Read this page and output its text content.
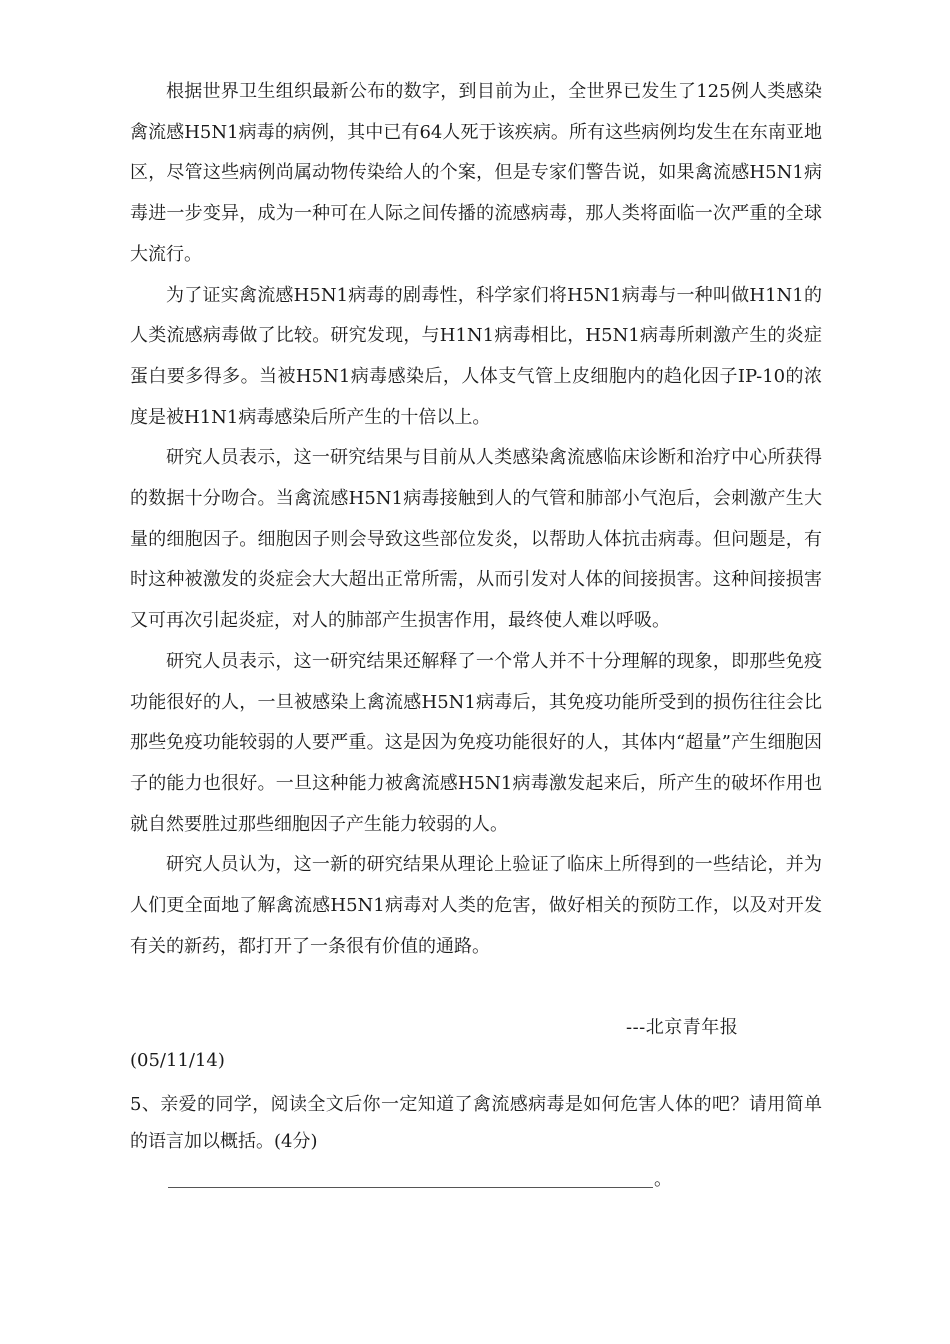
根据世界卫生组织最新公布的数字，到目前为止，全世界已发生了125例人类感染禽流感H5N1病毒的病例，其中已有64人死于该疾病。所有这些病例均发生在东南亚地区，尽管这些病例尚属动物传染给人的个案，但是专家们警告说，如果禽流感H5N1病毒进一步变异，成为一种可在人际之间传播的流感病毒，那人类将面临一次严重的全球大流行。

为了证实禽流感H5N1病毒的剧毒性，科学家们将H5N1病毒与一种叫做H1N1的人类流感病毒做了比较。研究发现，与H1N1病毒相比，H5N1病毒所刺激产生的炎症蛋白要多得多。当被H5N1病毒感染后，人体支气管上皮细胞内的趋化因子IP-10的浓度是被H1N1病毒感染后所产生的十倍以上。

研究人员表示，这一研究结果与目前从人类感染禽流感临床诊断和治疗中心所获得的数据十分吻合。当禽流感H5N1病毒接触到人的气管和肺部小气泡后，会刺激产生大量的细胞因子。细胞因子则会导致这些部位发炎，以帮助人体抗击病毒。但问题是，有时这种被激发的炎症会大大超出正常所需，从而引发对人体的间接损害。这种间接损害又可再次引起炎症，对人的肺部产生损害作用，最终使人难以呼吸。

研究人员表示，这一研究结果还解释了一个常人并不十分理解的现象，即那些免疫功能很好的人，一旦被感染上禽流感H5N1病毒后，其免疫功能所受到的损伤往往会比那些免疫功能较弱的人要严重。这是因为免疫功能很好的人，其体内“超量”产生细胞因子的能力也很好。一旦这种能力被禽流感H5N1病毒激发起来后，所产生的破坏作用也就自然要胜过那些细胞因子产生能力较弱的人。

研究人员认为，这一新的研究结果从理论上验证了临床上所得到的一些结论，并为人们更全面地了解禽流感H5N1病毒对人类的危害，做好相关的预防工作，以及对开发有关的新药，都打开了一条很有价值的通路。

---北京青年报
(05/11/14)

5、亲爱的同学，阅读全文后你一定知道了禽流感病毒是如何危害人体的吧？请用简单的语言加以概括。(4分)

。
